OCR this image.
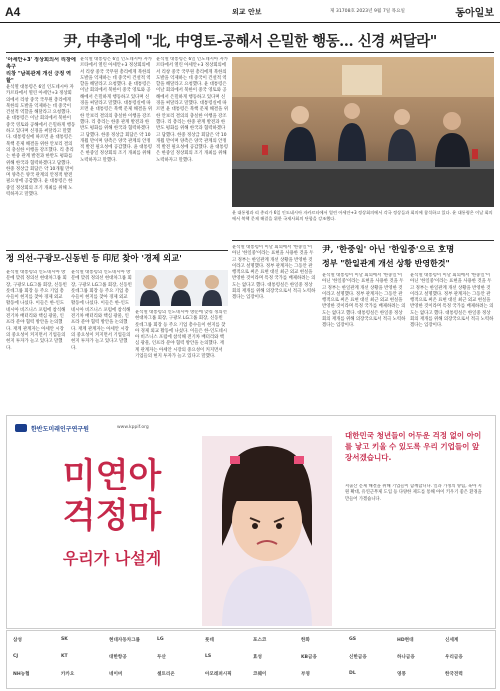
A4	외교 안보	제 31708호 2023년 9월 7일 목요일	동아일보
尹, 中총리에 "北, 中영토-공해서 은밀한 행동… 신경 써달라"
'아세안+3' 정상회의서 리창에 촉구
리창 "남북관계 개선 긍정 역할"
윤석열 대통령은 6일 인도네시아 자카르타에서 열린 아세안+3 정상회의에서 리창 중국 국무원 총리에게 북한의 도발을 억제하는 데 중국이 건설적 역할을 해달라고 요청했다. 윤 대통령은 이날 회의에서 북한이 중국 영토와 공해에서 은밀하게 행동하고 있다며 신경을 써달라고 말했다. 대통령실에 따르면 윤 대통령은 북핵 문제 해결을 위한 안보리 결의의 충실한 이행을 강조했다. 리 총리는 한중 관계 발전과 한반도 평화를 위해 한국과 협력하겠다고 답했다. 한중 정상급 회담은 약 10개월 만이며 양측은 양국 관계의 안정적 발전 필요성에 공감했다. 윤 대통령은 한중일 정상회의 조기 개최를 위해 노력하자고 말했다.
윤석열 대통령은 6일 인도네시아 자카르타에서 열린 아세안+3 정상회의에서 리창 중국 국무원 총리에게 북한의 도발을 억제하는 데 중국이 건설적 역할을 해달라고 요청했다. 윤 대통령은 이날 회의에서 북한이 중국 영토와 공해에서 은밀하게 행동하고 있다며 신경을 써달라고 말했다. 대통령실에 따르면 윤 대통령은 북핵 문제 해결을 위한 안보리 결의의 충실한 이행을 강조했다. 리 총리는 한중 관계 발전과 한반도 평화를 위해 한국과 협력하겠다고 답했다. 한중 정상급 회담은 약 10개월 만이며 양측은 양국 관계의 안정적 발전 필요성에 공감했다. 윤 대통령은 한중일 정상회의 조기 개최를 위해 노력하자고 말했다.
윤석열 대통령은 6일 인도네시아 자카르타에서 열린 아세안+3 정상회의에서 리창 중국 국무원 총리에게 북한의 도발을 억제하는 데 중국이 건설적 역할을 해달라고 요청했다. 윤 대통령은 이날 회의에서 북한이 중국 영토와 공해에서 은밀하게 행동하고 있다며 신경을 써달라고 말했다. 대통령실에 따르면 윤 대통령은 북핵 문제 해결을 위한 안보리 결의의 충실한 이행을 강조했다. 리 총리는 한중 관계 발전과 한반도 평화를 위해 한국과 협력하겠다고 답했다. 한중 정상급 회담은 약 10개월 만이며 양측은 양국 관계의 안정적 발전 필요성에 공감했다. 윤 대통령은 한중일 정상회의 조기 개최를 위해 노력하자고 말했다.
윤 대통령과 리 총리가 6일 인도네시아 자카르타에서 열린 아세안+3 정상회의에서 각국 정상들과 회의에 참석하고 있다. 윤 대통령은 이날 회의에서 북핵 문제 해결을 위한 국제사회의 단합을 강조했다.
尹, '한중일' 아닌 '한일중'으로 호명
정부 "한일관계 개선 상황 반영한것"
윤석열 대통령이 이날 회의에서 '한중일'이 아닌 '한일중'이라는 표현을 사용한 것을 두고 정부는 한일관계 개선 상황을 반영한 것이라고 설명했다. 정부 관계자는 그동안 관행적으로 써온 표현 대신 최근 외교 현실을 반영한 것이라며 특정 국가를 배제하려는 의도는 없다고 했다. 대통령실은 한일중 정상회의 재개를 위해 의장국으로서 적극 노력하겠다는 입장이다.
윤석열 대통령이 이날 회의에서 '한중일'이 아닌 '한일중'이라는 표현을 사용한 것을 두고 정부는 한일관계 개선 상황을 반영한 것이라고 설명했다. 정부 관계자는 그동안 관행적으로 써온 표현 대신 최근 외교 현실을 반영한 것이라며 특정 국가를 배제하려는 의도는 없다고 했다. 대통령실은 한일중 정상회의 재개를 위해 의장국으로서 적극 노력하겠다는 입장이다.
윤석열 대통령이 이날 회의에서 '한중일'이 아닌 '한일중'이라는 표현을 사용한 것을 두고 정부는 한일관계 개선 상황을 반영한 것이라고 설명했다. 정부 관계자는 그동안 관행적으로 써온 표현 대신 최근 외교 현실을 반영한 것이라며 특정 국가를 배제하려는 의도는 없다고 했다. 대통령실은 한일중 정상회의 재개를 위해 의장국으로서 적극 노력하겠다는 입장이다.
정 의선-구광모-신동빈 등 印尼 찾아 '경제 외교'
윤석열 대통령의 인도네시아 방문에 맞춰 정의선 현대차그룹 회장, 구광모 LG그룹 회장, 신동빈 롯데그룹 회장 등 주요 기업 총수들이 현지를 찾아 경제 외교 활동에 나섰다. 이들은 한-인도네시아 비즈니스 포럼에 참석해 전기차 배터리와 핵심 광물, 인프라 분야 협력 방안을 논의했다. 재계 관계자는 아세안 시장의 중요성이 커지면서 기업들의 현지 투자가 늘고 있다고 말했다.
윤석열 대통령의 인도네시아 방문에 맞춰 정의선 현대차그룹 회장, 구광모 LG그룹 회장, 신동빈 롯데그룹 회장 등 주요 기업 총수들이 현지를 찾아 경제 외교 활동에 나섰다. 이들은 한-인도네시아 비즈니스 포럼에 참석해 전기차 배터리와 핵심 광물, 인프라 분야 협력 방안을 논의했다. 재계 관계자는 아세안 시장의 중요성이 커지면서 기업들의 현지 투자가 늘고 있다고 말했다.
윤석열 대통령의 인도네시아 방문에 맞춰 정의선 현대차그룹 회장, 구광모 LG그룹 회장, 신동빈 롯데그룹 회장 등 주요 기업 총수들이 현지를 찾아 경제 외교 활동에 나섰다. 이들은 한-인도네시아 비즈니스 포럼에 참석해 전기차 배터리와 핵심 광물, 인프라 분야 협력 방안을 논의했다. 재계 관계자는 아세안 시장의 중요성이 커지면서 기업들의 현지 투자가 늘고 있다고 말했다.
한반도미래인구연구원	www.kppif.org
미연아
걱정마
우리가 나설게
대한민국 청년들이 어두운 걱정 없이 아이를 낳고 키울 수 있도록 우리 기업들이 앞장서겠습니다.
저출산 문제 해결을 위해 기업들이 함께합니다. 일과 가정의 양립, 육아 지원 확대, 유연근무제 도입 등 다양한 제도를 통해 아이 키우기 좋은 환경을 만들어 가겠습니다.
삼성	SK	현대자동차그룹	LG	롯데	포스코	한화	GS	HD현대	신세계
CJ	KT	대한항공	두산	LS	효성	KB금융	신한금융	하나금융	우리금융
NH농협	카카오	네이버	셀트리온	아모레퍼시픽	코웨이	부영	DL	영풍	한국전력
